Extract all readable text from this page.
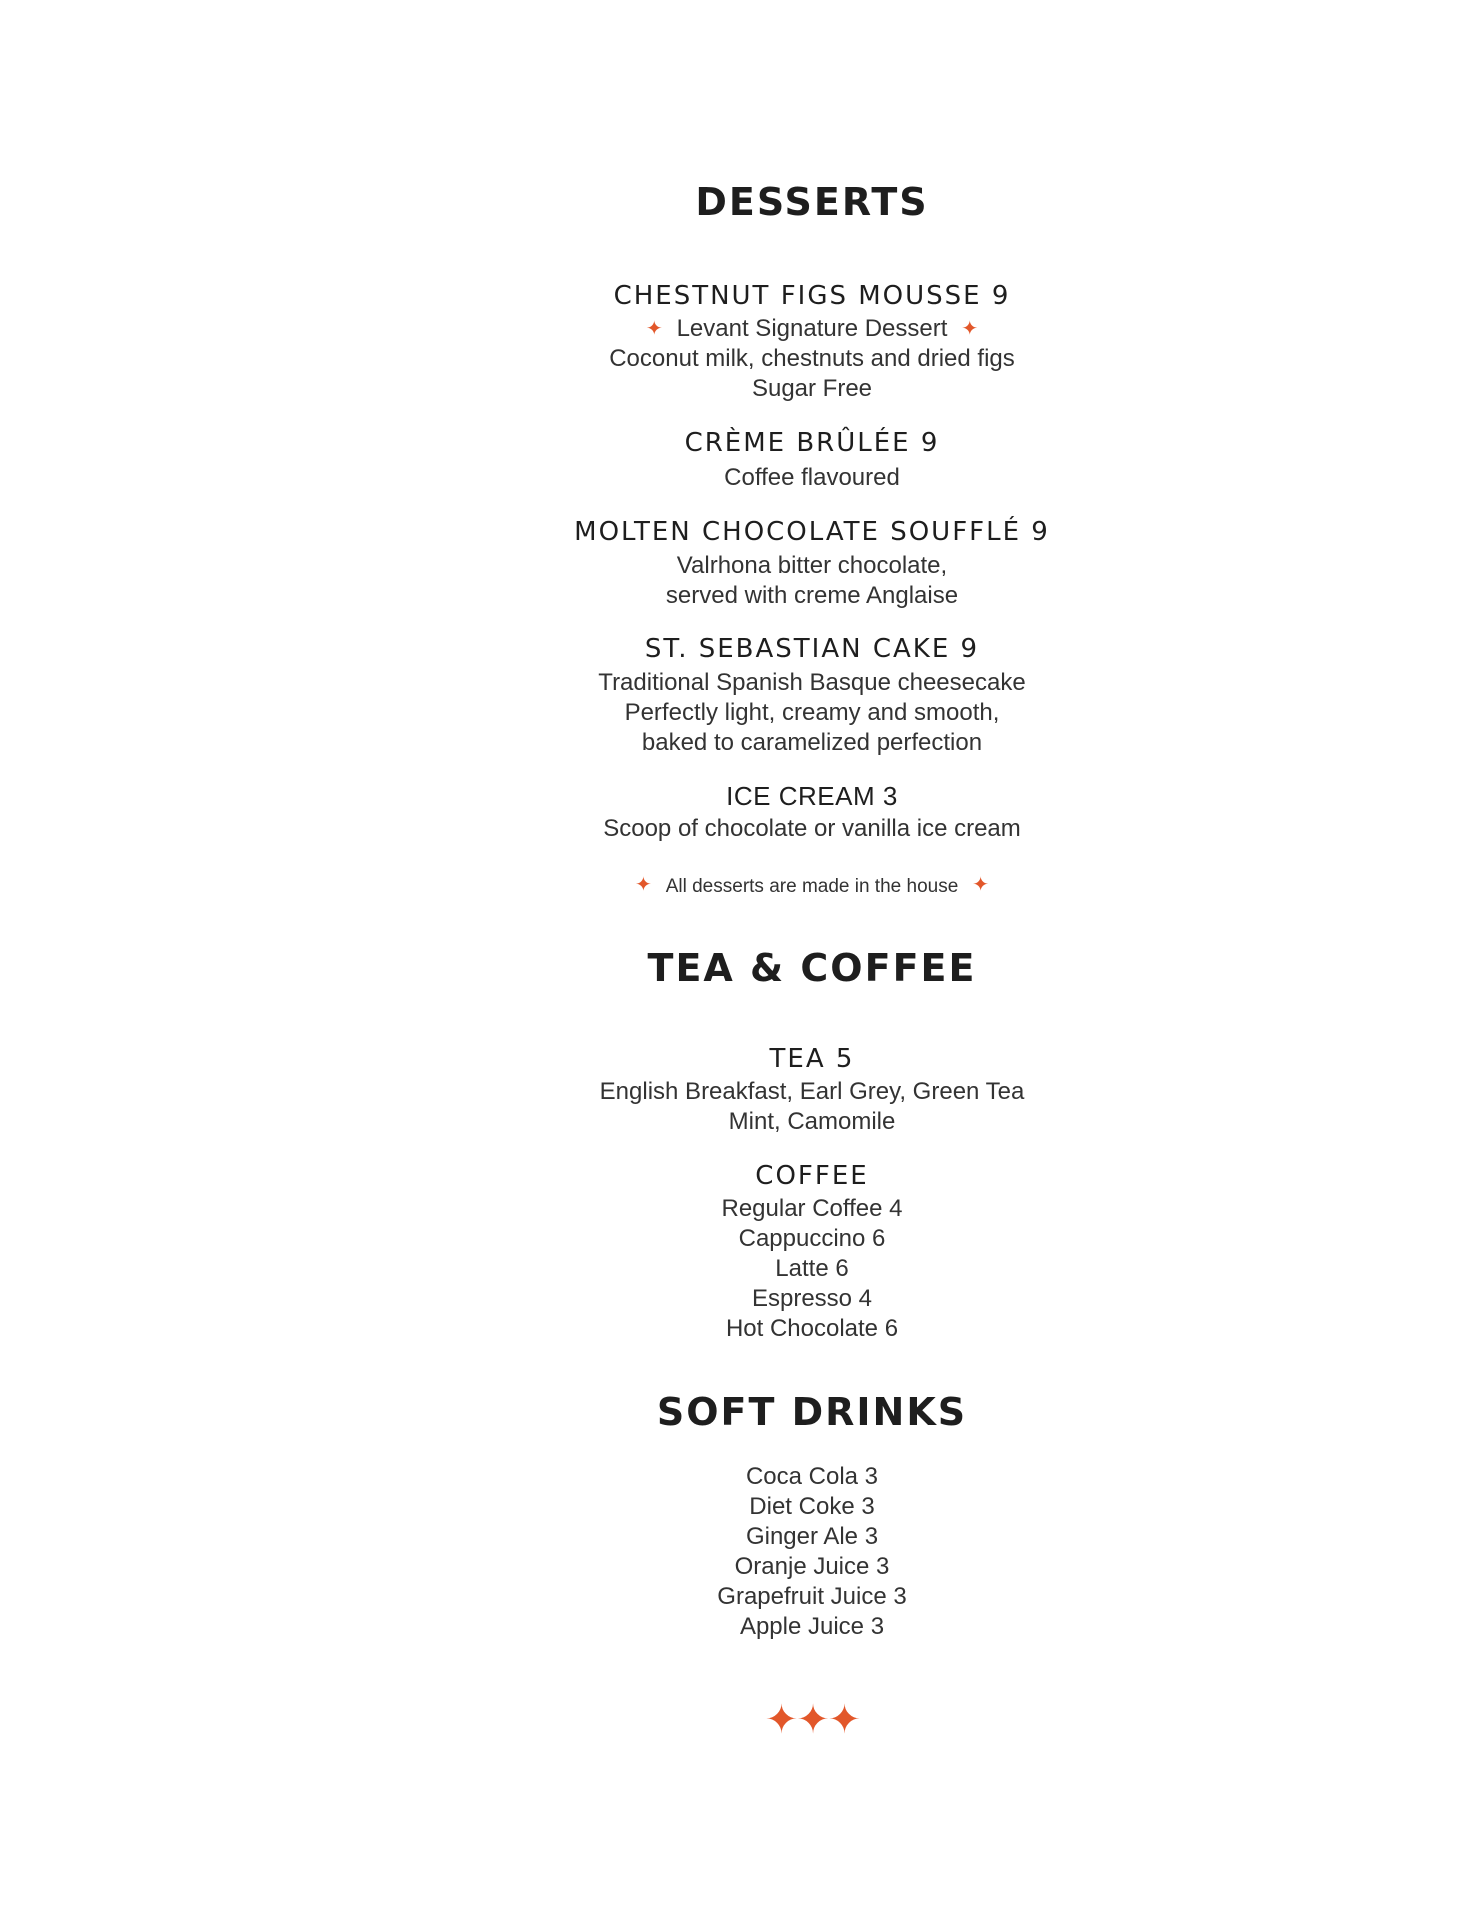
DESSERTS
CHESTNUT FIGS MOUSSE 9
✦ Levant Signature Dessert ✦

Coconut milk, chestnuts and dried figs

Sugar Free

CRÈME BRÛLÉE 9

Coffee flavoured

MOLTEN CHOCOLATE SOUFFLÉ 9

Valrhona bitter chocolate,

served with creme Anglaise

ST. SEBASTIAN CAKE 9

Traditional Spanish Basque cheesecake

Perfectly light, creamy and smooth,

baked to caramelized perfection

ICE CREAM 3

Scoop of chocolate or vanilla ice cream

✦ All desserts are made in the house ✦
TEA & COFFEE
TEA 5

English Breakfast, Earl Grey, Green Tea

Mint, Camomile

COFFEE

Regular Coffee 4

Cappuccino 6

Latte 6

Espresso 4

Hot Chocolate 6

SOFT DRINKS

Coca Cola 3

Diet Coke 3

Ginger Ale 3

Oranje Juice 3

Grapefruit Juice 3

Apple Juice 3

✦✦✦
